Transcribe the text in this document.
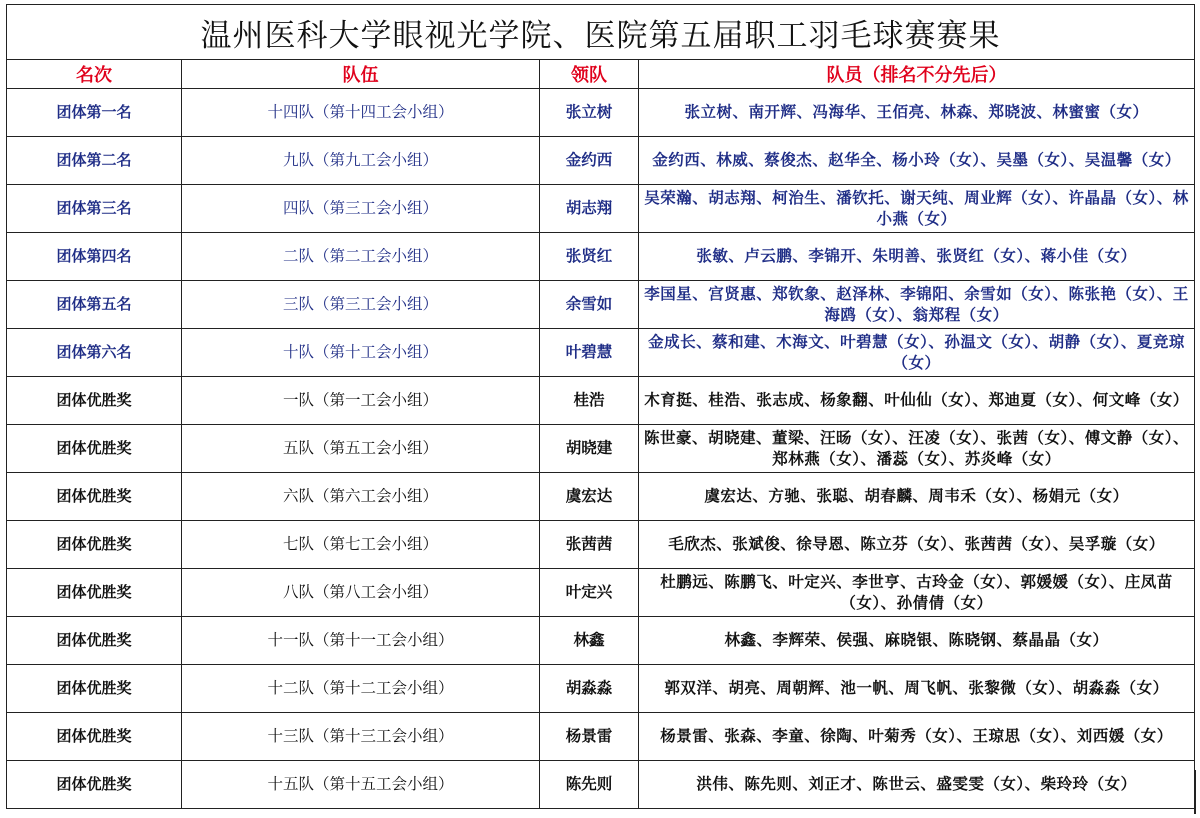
温州医科大学眼视光学院、医院第五届职工羽毛球赛赛果			
名次	队伍	领队	队员（排名不分先后）
团体第一名	十四队（第十四工会小组）	张立树	张立树、南开辉、冯海华、王佰亮、林森、郑晓波、林蜜蜜（女）
团体第二名	九队（第九工会小组）	金约西	金约西、林威、蔡俊杰、赵华全、杨小玲（女）、吴墨（女）、吴温馨（女）
团体第三名	四队（第三工会小组）	胡志翔	吴荣瀚、胡志翔、柯治生、潘钦托、谢天纯、周业辉（女）、许晶晶（女）、林小燕（女）
团体第四名	二队（第二工会小组）	张贤红	张敏、卢云鹏、李锦开、朱明善、张贤红（女）、蒋小佳（女）
团体第五名	三队（第三工会小组）	余雪如	李国星、宫贤惠、郑钦象、赵泽林、李锦阳、余雪如（女）、陈张艳（女）、王海鸥（女）、翁郑程（女）
团体第六名	十队（第十工会小组）	叶碧慧	金成长、蔡和建、木海文、叶碧慧（女）、孙温文（女）、胡静（女）、夏竞琼（女）
团体优胜奖	一队（第一工会小组）	桂浩	木育挺、桂浩、张志成、杨象翻、叶仙仙（女）、郑迪夏（女）、何文峰（女）
团体优胜奖	五队（第五工会小组）	胡晓建	陈世豪、胡晓建、董梁、汪旸（女）、汪凌（女）、张茜（女）、傅文静（女）、郑林燕（女）、潘蕊（女）、苏炎峰（女）
团体优胜奖	六队（第六工会小组）	虞宏达	虞宏达、方驰、张聪、胡春麟、周韦禾（女）、杨娟元（女）
团体优胜奖	七队（第七工会小组）	张茜茜	毛欣杰、张斌俊、徐导恩、陈立芬（女）、张茜茜（女）、吴孚璇（女）
团体优胜奖	八队（第八工会小组）	叶定兴	杜鹏远、陈鹏飞、叶定兴、李世亨、古玲金（女）、郭媛媛（女）、庄凤苗（女）、孙倩倩（女）
团体优胜奖	十一队（第十一工会小组）	林鑫	林鑫、李辉荣、侯强、麻晓银、陈晓钢、蔡晶晶（女）
团体优胜奖	十二队（第十二工会小组）	胡淼淼	郭双洋、胡亮、周朝辉、池一帆、周飞帆、张黎微（女）、胡淼淼（女）
团体优胜奖	十三队（第十三工会小组）	杨景雷	杨景雷、张森、李童、徐陶、叶菊秀（女）、王琼思（女）、刘西媛（女）
团体优胜奖	十五队（第十五工会小组）	陈先则	洪伟、陈先则、刘正才、陈世云、盛雯雯（女）、柴玲玲（女）
